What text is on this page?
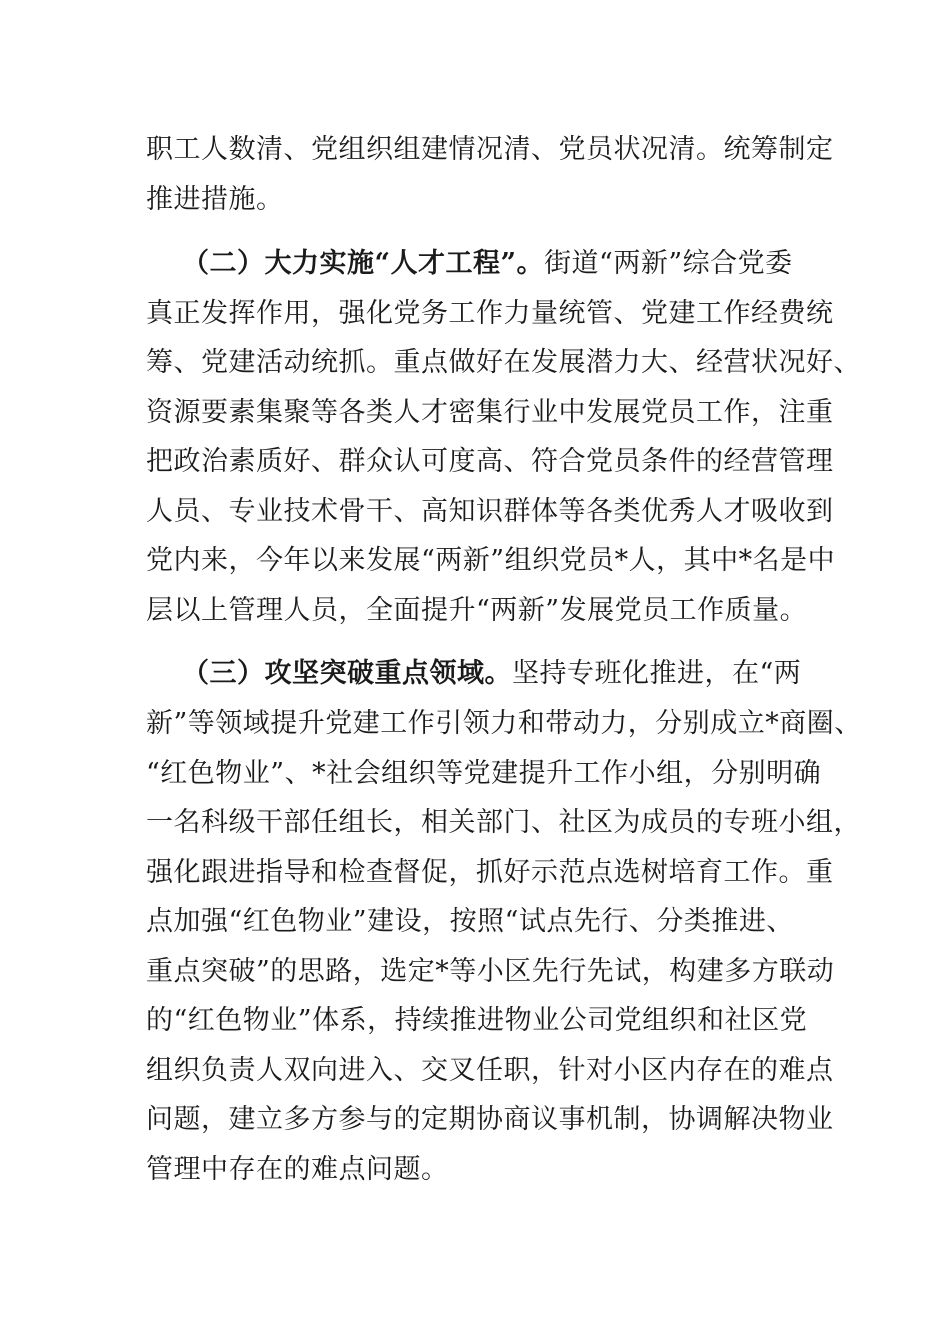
职工人数清、党组织组建情况清、党员状况清。统筹制定
推进措施。
（二）大力实施“人才工程”。街道“两新”综合党委
真正发挥作用，强化党务工作力量统管、党建工作经费统
筹、党建活动统抓。重点做好在发展潜力大、经营状况好、
资源要素集聚等各类人才密集行业中发展党员工作，注重
把政治素质好、群众认可度高、符合党员条件的经营管理
人员、专业技术骨干、高知识群体等各类优秀人才吸收到
党内来，今年以来发展“两新”组织党员*人，其中*名是中
层以上管理人员，全面提升“两新”发展党员工作质量。
（三）攻坚突破重点领域。坚持专班化推进，在“两
新”等领域提升党建工作引领力和带动力，分别成立*商圈、
“红色物业”、*社会组织等党建提升工作小组，分别明确
一名科级干部任组长，相关部门、社区为成员的专班小组，
强化跟进指导和检查督促，抓好示范点选树培育工作。重
点加强“红色物业”建设，按照“试点先行、分类推进、
重点突破”的思路，选定*等小区先行先试，构建多方联动
的“红色物业”体系，持续推进物业公司党组织和社区党
组织负责人双向进入、交叉任职，针对小区内存在的难点
问题，建立多方参与的定期协商议事机制，协调解决物业
管理中存在的难点问题。
